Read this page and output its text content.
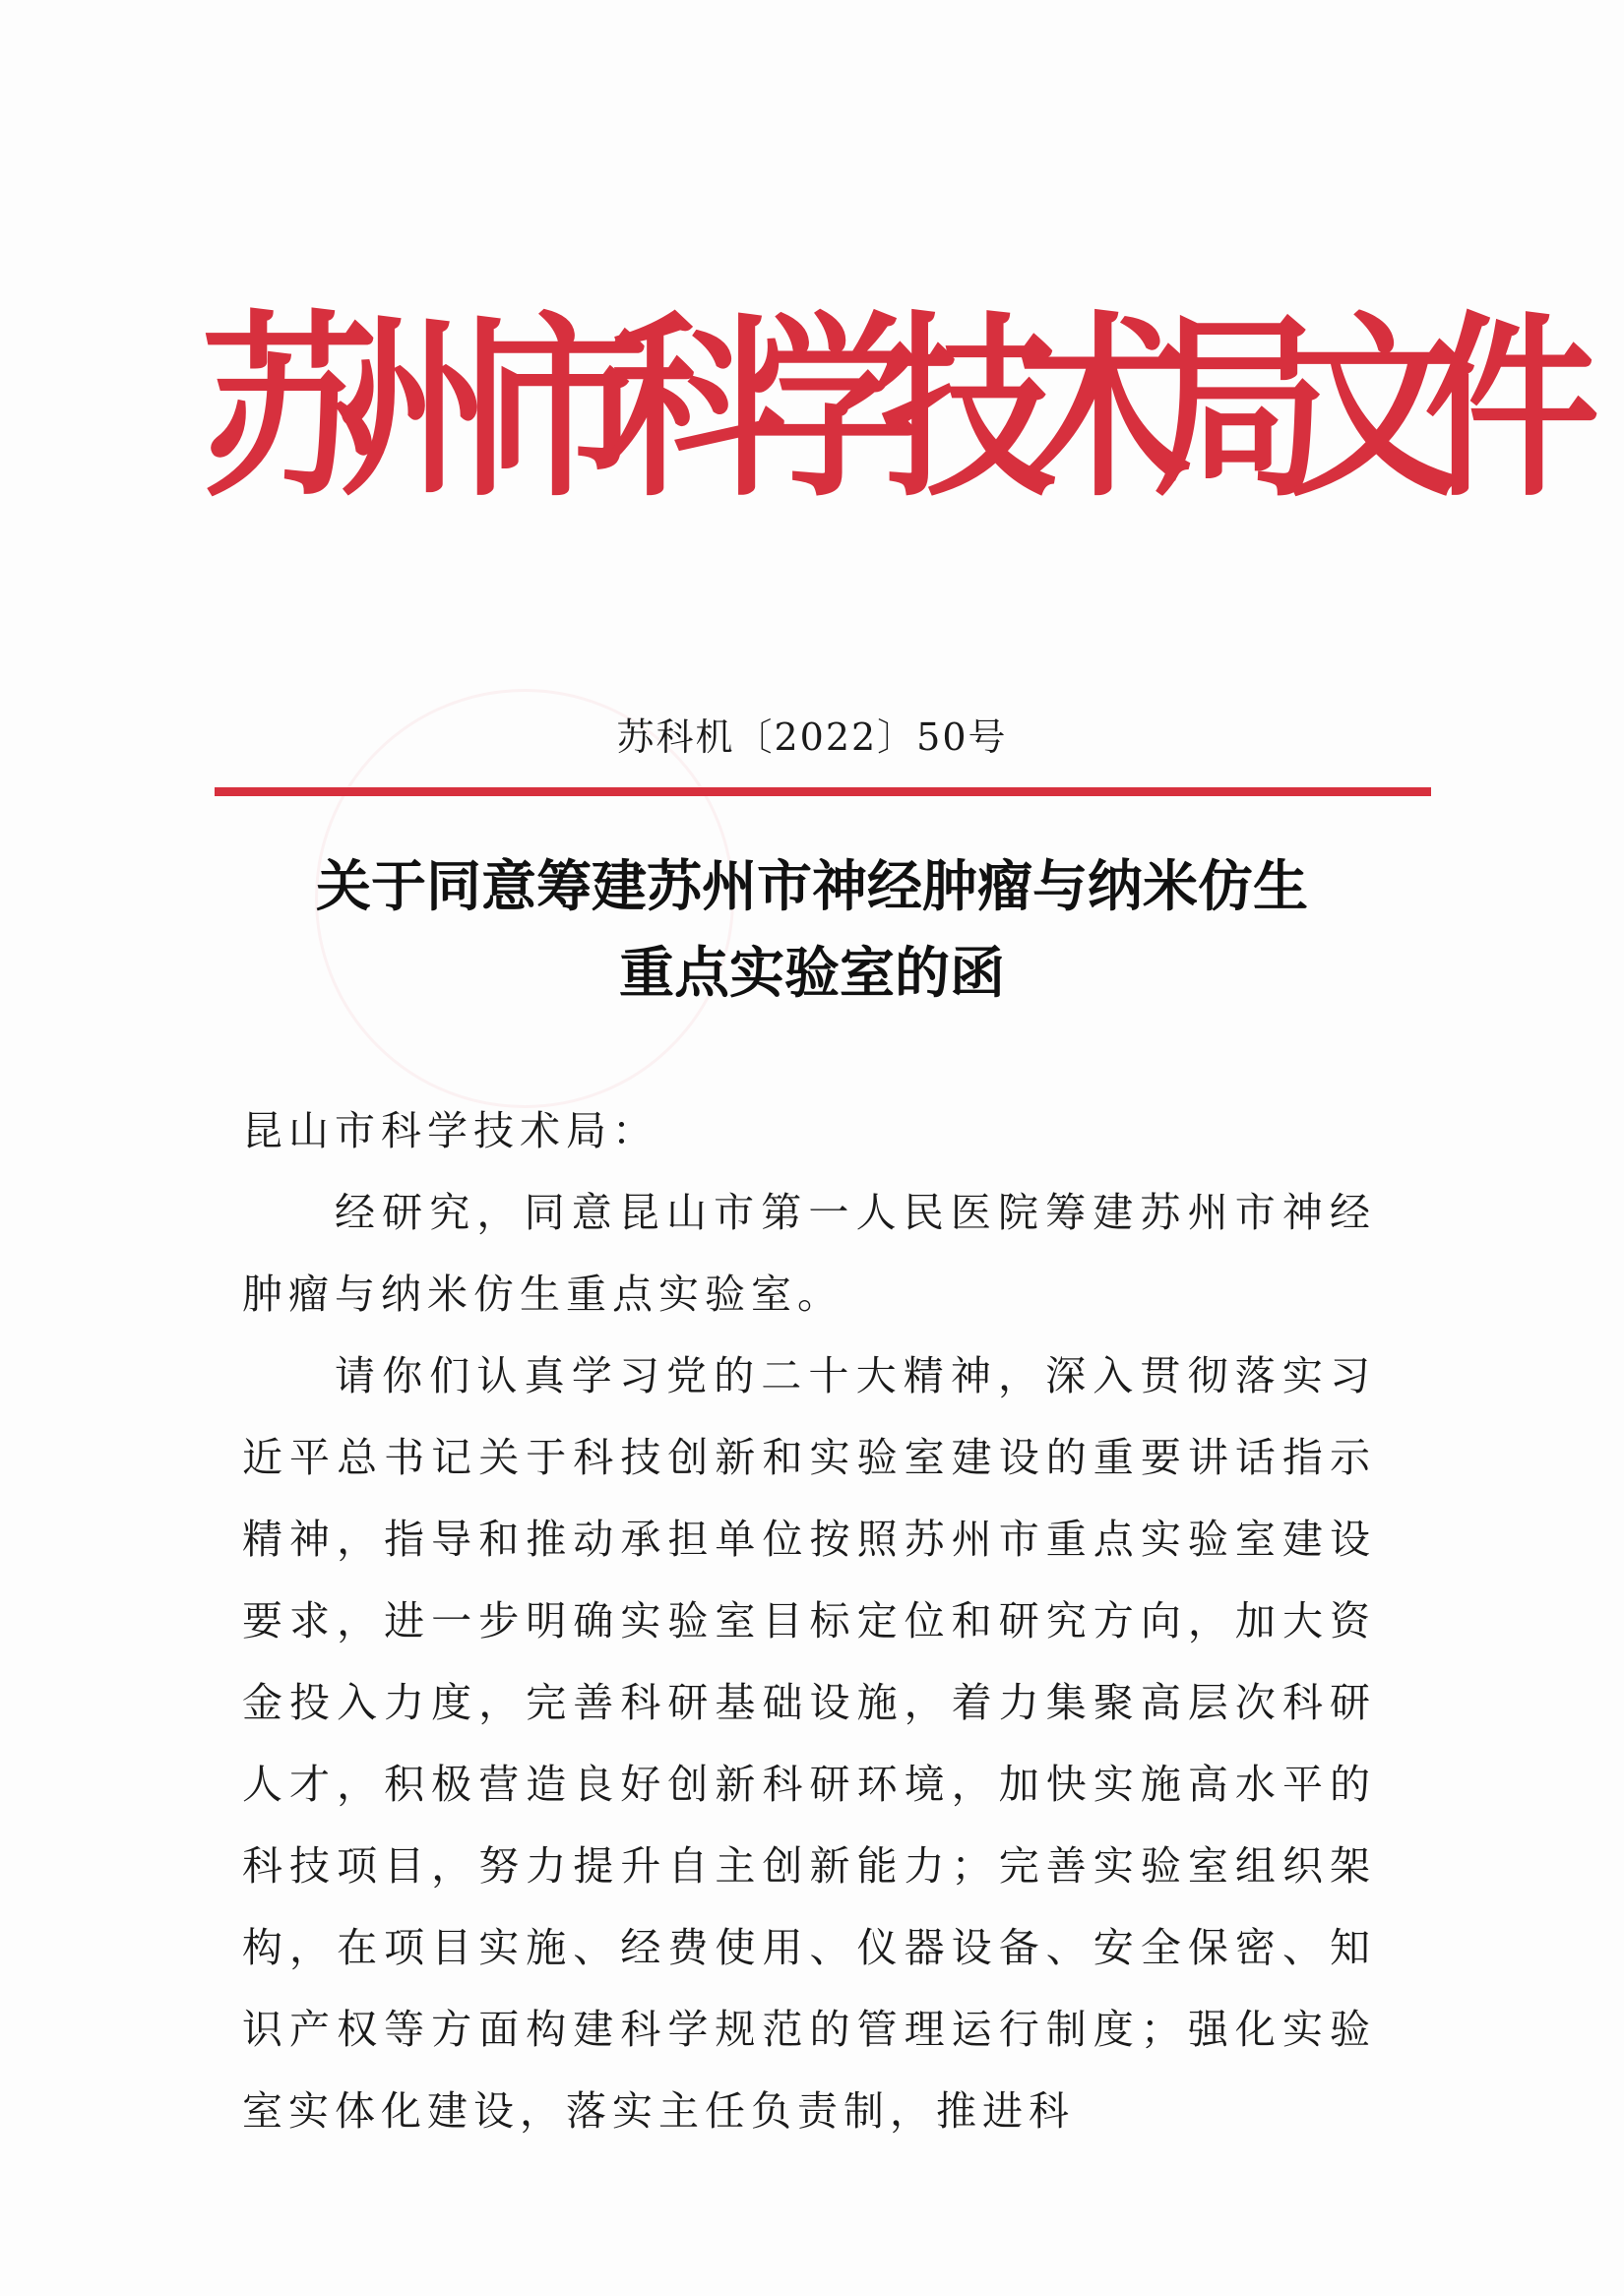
苏
州
市
科
学
技
术
局
文
件
苏科机〔2022〕50号
关于同意筹建苏州市神经肿瘤与纳米仿生
重点实验室的函

昆山市科学技术局：

经研究，同意昆山市第一人民医院筹建苏州市神经肿瘤与纳米仿生重点实验室。

请你们认真学习党的二十大精神，深入贯彻落实习近平总书记关于科技创新和实验室建设的重要讲话指示精神，指导和推动承担单位按照苏州市重点实验室建设要求，进一步明确实验室目标定位和研究方向，加大资金投入力度，完善科研基础设施，着力集聚高层次科研人才，积极营造良好创新科研环境，加快实施高水平的科技项目，努力提升自主创新能力；完善实验室组织架构，在项目实施、经费使用、仪器设备、安全保密、知识产权等方面构建科学规范的管理运行制度；强化实验室实体化建设，落实主任负责制，推进科
